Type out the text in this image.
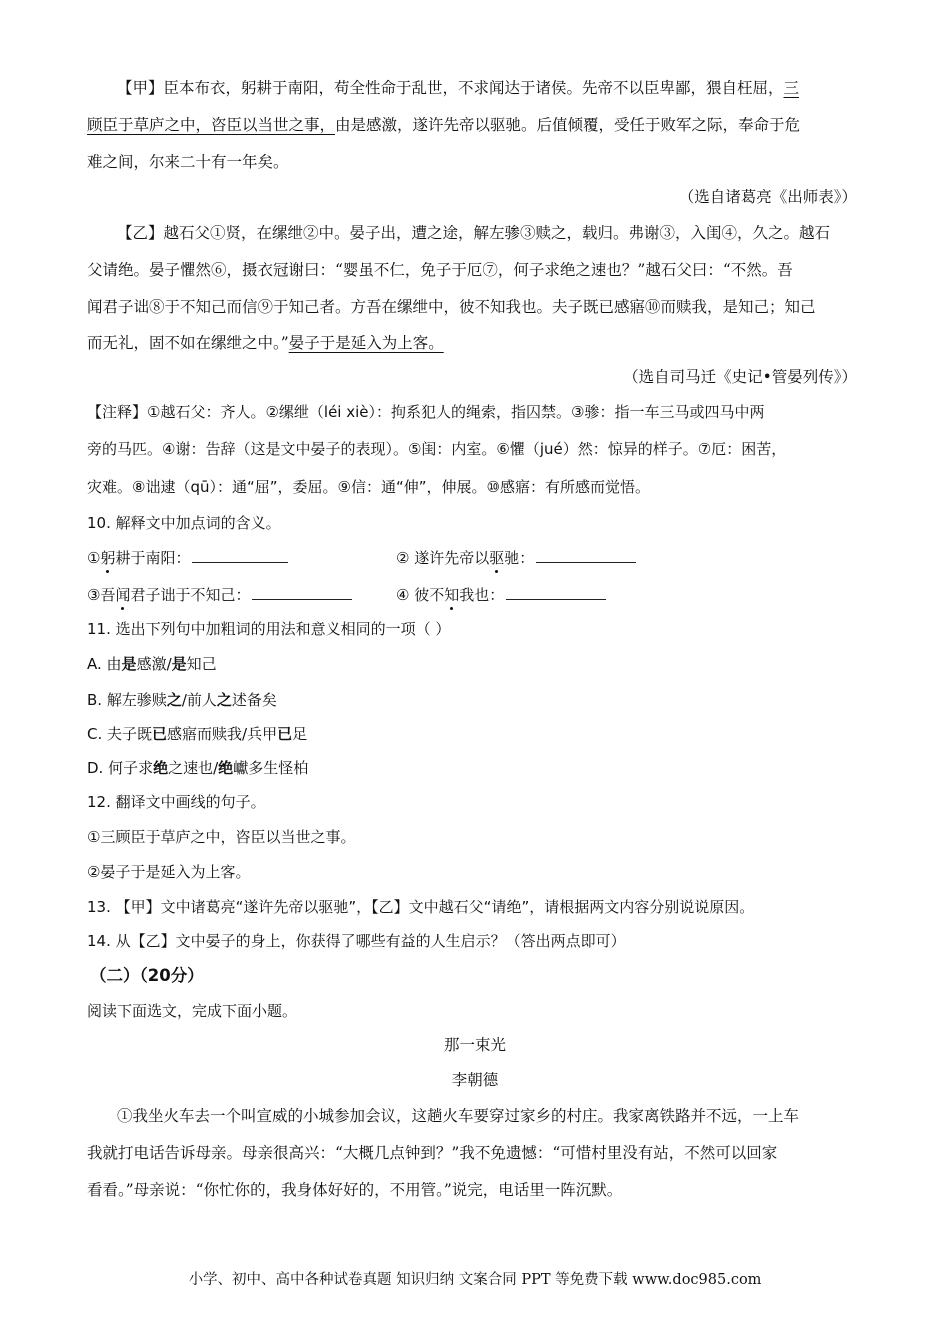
【甲】臣本布衣，躬耕于南阳，苟全性命于乱世，不求闻达于诸侯。先帝不以臣卑鄙，猥自枉屈，三
顾臣于草庐之中，咨臣以当世之事，由是感激，遂许先帝以驱驰。后值倾覆，受任于败军之际，奉命于危
难之间，尔来二十有一年矣。
（选自诸葛亮《出师表》）
【乙】越石父①贤，在缧绁②中。晏子出，遭之途，解左骖③赎之，载归。弗谢③，入闺④，久之。越石
父请绝。晏子懼然⑥，摄衣冠谢曰：“婴虽不仁，免子于厄⑦，何子求绝之速也？”越石父曰：“不然。吾
闻君子诎⑧于不知己而信⑨于知己者。方吾在缧绁中，彼不知我也。夫子既已感寤⑩而赎我，是知己；知己
而无礼，固不如在缧绁之中。”晏子于是延入为上客。
（选自司马迁《史记•管晏列传》）
【注释】①越石父：齐人。②缧绁（léi xiè）：拘系犯人的绳索，指囚禁。③骖：指一车三马或四马中两
旁的马匹。④谢：告辞（这是文中晏子的表现）。⑤闺：内室。⑥懼（jué）然：惊异的样子。⑦厄：困苦，
灾难。⑧诎逮（qū）：通“屈”，委屈。⑨信：通“伸”，伸展。⑩感寤：有所感而觉悟。
10. 解释文中加点词的含义。
①躬耕于南阳：	② 遂许先帝以驱驰：
③吾闻君子诎于不知己：	④ 彼不知我也：
11. 选出下列句中加粗词的用法和意义相同的一项（ ）
A. 由是感激/是知己
B. 解左骖赎之/前人之述备矣
C. 夫子既已感寤而赎我/兵甲已足
D. 何子求绝之速也/绝巘多生怪柏
12. 翻译文中画线的句子。
①三顾臣于草庐之中，咨臣以当世之事。
②晏子于是延入为上客。
13. 【甲】文中诸葛亮“遂许先帝以驱驰”，【乙】文中越石父“请绝”，请根据两文内容分别说说原因。
14. 从【乙】文中晏子的身上，你获得了哪些有益的人生启示？（答出两点即可）
（二）（20分）
阅读下面选文，完成下面小题。
那一束光
李朝德
①我坐火车去一个叫宣威的小城参加会议，这趟火车要穿过家乡的村庄。我家离铁路并不远，一上车
我就打电话告诉母亲。母亲很高兴：“大概几点钟到？”我不免遗憾：“可惜村里没有站，不然可以回家
看看。”母亲说：“你忙你的，我身体好好的，不用管。”说完，电话里一阵沉默。
小学、初中、高中各种试卷真题 知识归纳 文案合同 PPT 等免费下载 www.doc985.com
